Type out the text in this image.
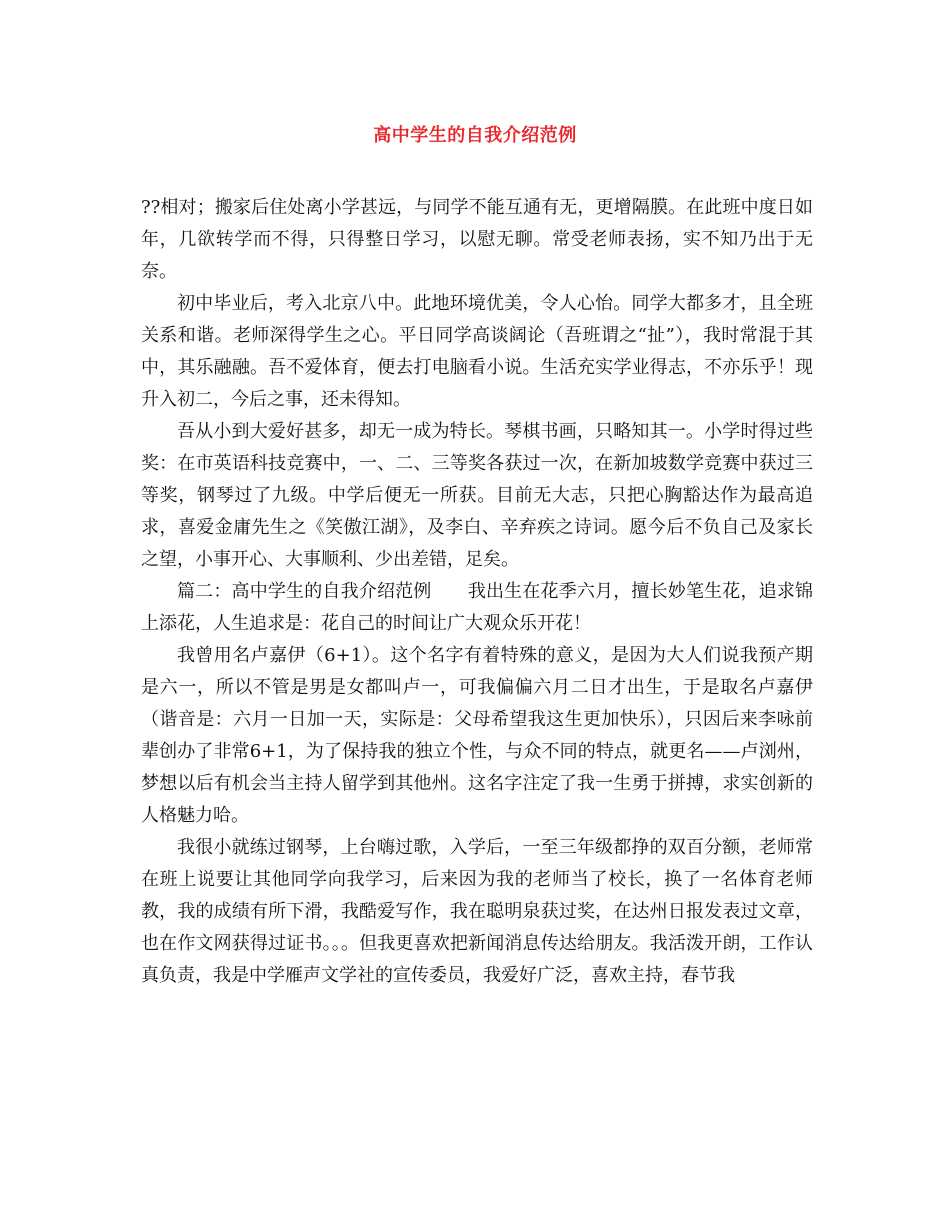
高中学生的自我介绍范例

??相对；搬家后住处离小学甚远，与同学不能互通有无，更增隔膜。在此班中度日如年，几欲转学而不得，只得整日学习，以慰无聊。常受老师表扬，实不知乃出于无奈。

初中毕业后，考入北京八中。此地环境优美，令人心怡。同学大都多才，且全班关系和谐。老师深得学生之心。平日同学高谈阔论（吾班谓之“扯”），我时常混于其中，其乐融融。吾不爱体育，便去打电脑看小说。生活充实学业得志，不亦乐乎！现升入初二，今后之事，还未得知。

吾从小到大爱好甚多，却无一成为特长。琴棋书画，只略知其一。小学时得过些奖：在市英语科技竞赛中，一、二、三等奖各获过一次，在新加坡数学竞赛中获过三等奖，钢琴过了九级。中学后便无一所获。目前无大志，只把心胸豁达作为最高追求，喜爱金庸先生之《笑傲江湖》，及李白、辛弃疾之诗词。愿今后不负自己及家长之望，小事开心、大事顺利、少出差错，足矣。

篇二：高中学生的自我介绍范例　　我出生在花季六月，擅长妙笔生花，追求锦上添花，人生追求是：花自己的时间让广大观众乐开花！

我曾用名卢嘉伊（6+1）。这个名字有着特殊的意义，是因为大人们说我预产期是六一，所以不管是男是女都叫卢一，可我偏偏六月二日才出生，于是取名卢嘉伊（谐音是：六月一日加一天，实际是：父母希望我这生更加快乐），只因后来李咏前辈创办了非常6+1，为了保持我的独立个性，与众不同的特点，就更名——卢浏州，梦想以后有机会当主持人留学到其他州。这名字注定了我一生勇于拼搏，求实创新的人格魅力哈。

我很小就练过钢琴，上台嗨过歌，入学后，一至三年级都挣的双百分额，老师常在班上说要让其他同学向我学习，后来因为我的老师当了校长，换了一名体育老师教，我的成绩有所下滑，我酷爱写作，我在聪明泉获过奖，在达州日报发表过文章，也在作文网获得过证书。。。但我更喜欢把新闻消息传达给朋友。我活泼开朗，工作认真负责，我是中学雁声文学社的宣传委员，我爱好广泛，喜欢主持，春节我
